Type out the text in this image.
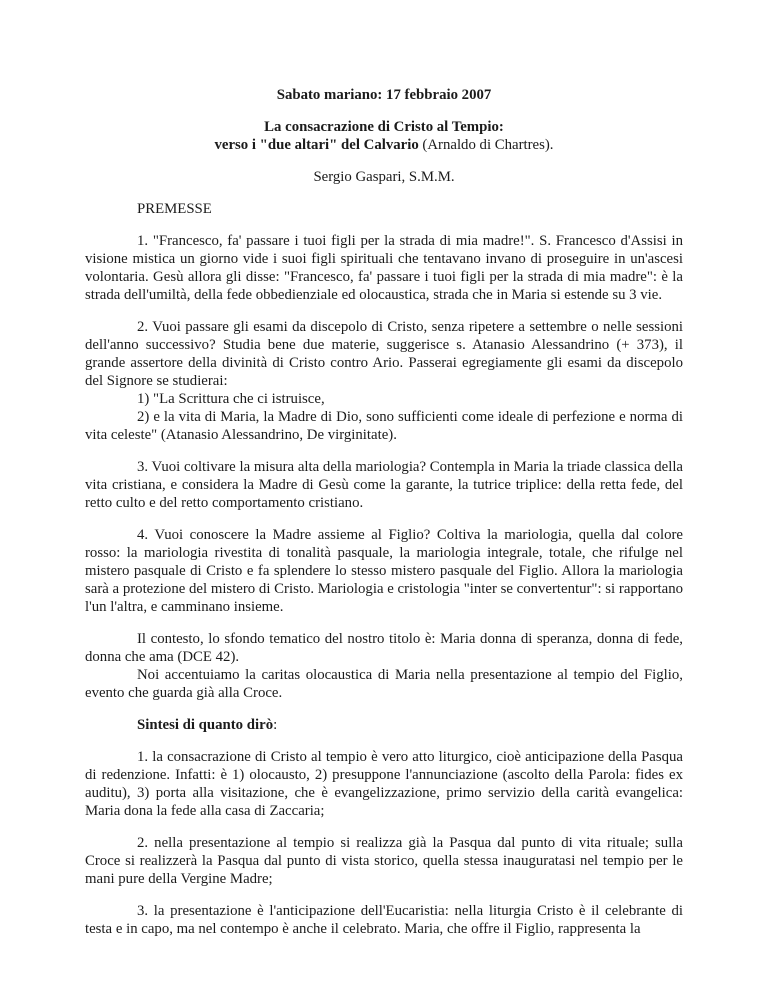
Sabato mariano: 17 febbraio 2007

La consacrazione di Cristo al Tempio:

verso i "due altari" del Calvario (Arnaldo di Chartres).

Sergio Gaspari, S.M.M.

PREMESSE

1. "Francesco, fa' passare i tuoi figli per la strada di mia madre!". S. Francesco d'Assisi in visione mistica un giorno vide i suoi figli spirituali che tentavano invano di proseguire in un'ascesi volontaria. Gesù allora gli disse: "Francesco, fa' passare i tuoi figli per la strada di mia madre": è la strada dell'umiltà, della fede obbedienziale ed olocaustica, strada che in Maria si estende su 3 vie.

2. Vuoi passare gli esami da discepolo di Cristo, senza ripetere a settembre o nelle sessioni dell'anno successivo? Studia bene due materie, suggerisce s. Atanasio Alessandrino (+ 373), il grande assertore della divinità di Cristo contro Ario. Passerai egregiamente gli esami da discepolo del Signore se studierai:

1) "La Scrittura che ci istruisce,

2) e la vita di Maria, la Madre di Dio, sono sufficienti come ideale di perfezione e norma di vita celeste" (Atanasio Alessandrino, De virginitate).

3. Vuoi coltivare la misura alta della mariologia? Contempla in Maria la triade classica della vita cristiana, e considera la Madre di Gesù come la garante, la tutrice triplice: della retta fede, del retto culto e del retto comportamento cristiano.

4. Vuoi conoscere la Madre assieme al Figlio? Coltiva la mariologia, quella dal colore rosso: la mariologia rivestita di tonalità pasquale, la mariologia integrale, totale, che rifulge nel mistero pasquale di Cristo e fa splendere lo stesso mistero pasquale del Figlio. Allora la mariologia sarà a protezione del mistero di Cristo. Mariologia e cristologia "inter se convertentur": si rapportano l'un l'altra, e camminano insieme.

Il contesto, lo sfondo tematico del nostro titolo è: Maria donna di speranza, donna di fede, donna che ama (DCE 42).

Noi accentuiamo la caritas olocaustica di Maria nella presentazione al tempio del Figlio, evento che guarda già alla Croce.

Sintesi di quanto dirò:

1. la consacrazione di Cristo al tempio è vero atto liturgico, cioè anticipazione della Pasqua di redenzione. Infatti: è 1) olocausto, 2) presuppone l'annunciazione (ascolto della Parola: fides ex auditu), 3) porta alla visitazione, che è evangelizzazione, primo servizio della carità evangelica: Maria dona la fede alla casa di Zaccaria;

2. nella presentazione al tempio si realizza già la Pasqua dal punto di vita rituale; sulla Croce si realizzerà la Pasqua dal punto di vista storico, quella stessa inauguratasi nel tempio per le mani pure della Vergine Madre;

3. la presentazione è l'anticipazione dell'Eucaristia: nella liturgia Cristo è il celebrante di testa e in capo, ma nel contempo è anche il celebrato. Maria, che offre il Figlio, rappresenta la
